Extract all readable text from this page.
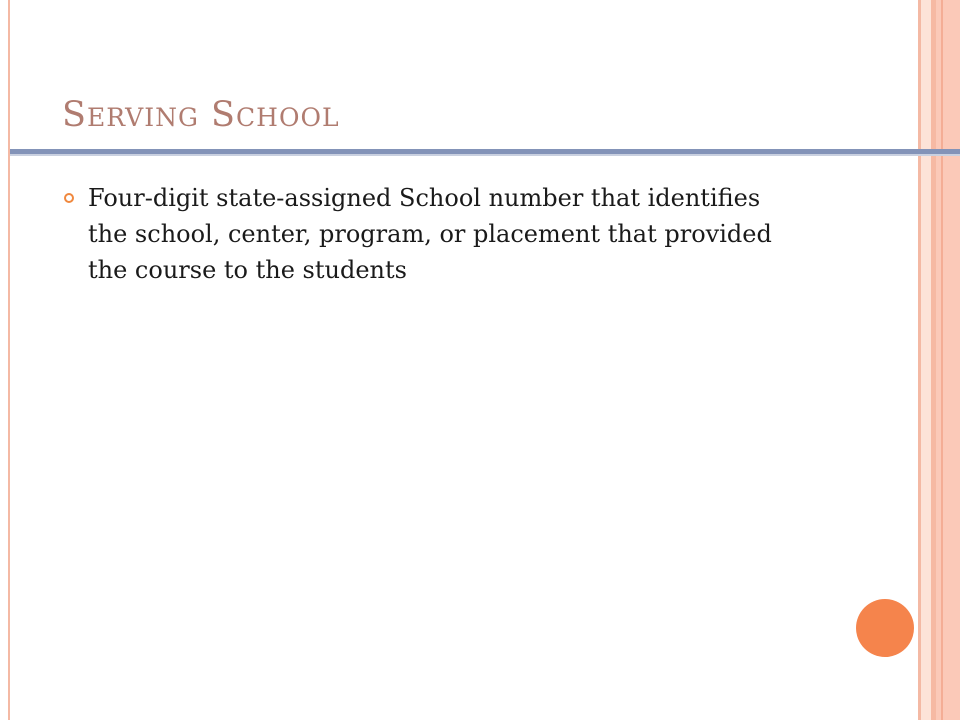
Serving School
Four-digit state-assigned School number that identifies the school, center, program, or placement that provided the course to the students
